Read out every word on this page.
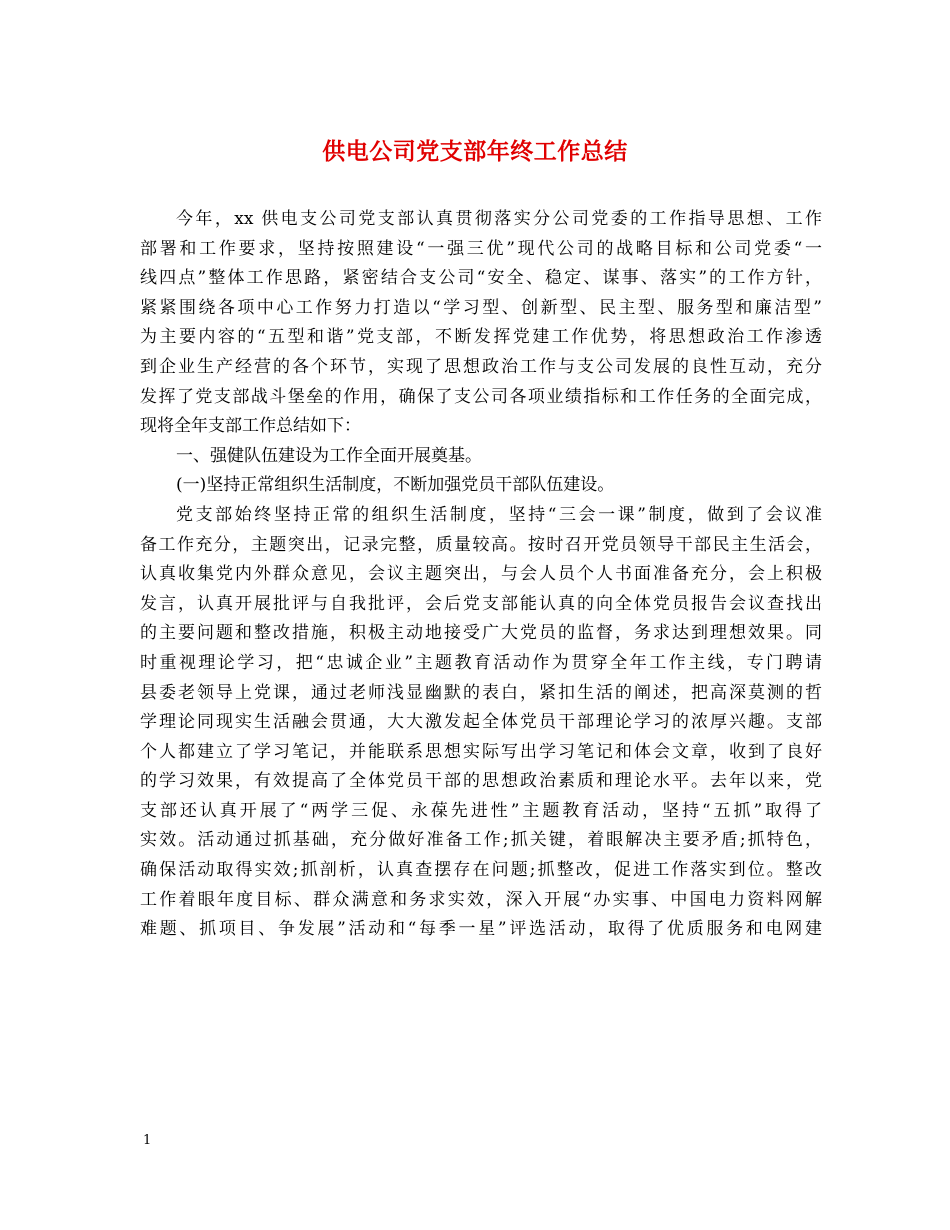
供电公司党支部年终工作总结
今年，xx 供电支公司党支部认真贯彻落实分公司党委的工作指导思想、工作
部署和工作要求，坚持按照建设“一强三优”现代公司的战略目标和公司党委“一
线四点”整体工作思路，紧密结合支公司“安全、稳定、谋事、落实”的工作方针，
紧紧围绕各项中心工作努力打造以“学习型、创新型、民主型、服务型和廉洁型”
为主要内容的“五型和谐”党支部，不断发挥党建工作优势，将思想政治工作渗透
到企业生产经营的各个环节，实现了思想政治工作与支公司发展的良性互动，充分
发挥了党支部战斗堡垒的作用，确保了支公司各项业绩指标和工作任务的全面完成，
现将全年支部工作总结如下：
一、强健队伍建设为工作全面开展奠基。
(一)坚持正常组织生活制度，不断加强党员干部队伍建设。
党支部始终坚持正常的组织生活制度，坚持“三会一课”制度，做到了会议准
备工作充分，主题突出，记录完整，质量较高。按时召开党员领导干部民主生活会，
认真收集党内外群众意见，会议主题突出，与会人员个人书面准备充分，会上积极
发言，认真开展批评与自我批评，会后党支部能认真的向全体党员报告会议查找出
的主要问题和整改措施，积极主动地接受广大党员的监督，务求达到理想效果。同
时重视理论学习，把“忠诚企业”主题教育活动作为贯穿全年工作主线，专门聘请
县委老领导上党课，通过老师浅显幽默的表白，紧扣生活的阐述，把高深莫测的哲
学理论同现实生活融会贯通，大大激发起全体党员干部理论学习的浓厚兴趣。支部
个人都建立了学习笔记，并能联系思想实际写出学习笔记和体会文章，收到了良好
的学习效果，有效提高了全体党员干部的思想政治素质和理论水平。去年以来，党
支部还认真开展了“两学三促、永葆先进性”主题教育活动，坚持“五抓”取得了
实效。活动通过抓基础，充分做好准备工作;抓关键，着眼解决主要矛盾;抓特色，
确保活动取得实效;抓剖析，认真查摆存在问题;抓整改，促进工作落实到位。整改
工作着眼年度目标、群众满意和务求实效，深入开展“办实事、中国电力资料网解
难题、抓项目、争发展”活动和“每季一星”评选活动，取得了优质服务和电网建
1
